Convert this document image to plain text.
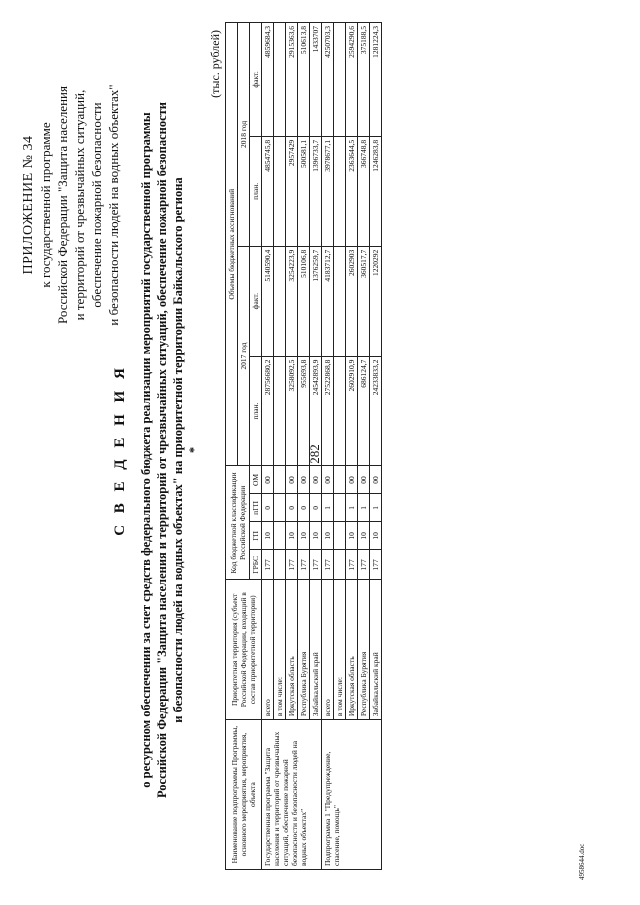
282
4958644.doc
ПРИЛОЖЕНИЕ № 34 к государственной программе Российской Федерации "Защита населения и территорий от чрезвычайных ситуаций, обеспечение пожарной безопасности и безопасности людей на водных объектах"
С В Е Д Е Н И Я о ресурсном обеспечении за счет средств федерального бюджета реализации мероприятий государственной программы Российской Федерации "Защита населения и территорий от чрезвычайных ситуаций, обеспечение пожарной безопасности и безопасности людей на водных объектах" на приоритетной территории Байкальского региона *
(тыс. рублей)
Наименование подпрограммы Программы, основного мероприятия, мероприятия, объекта	Приоритетная территория (субъект Российской Федерации, входящий в состав приоритетной территории)	Код бюджетной классификации Российской Федерации				Объемы бюджетных ассигнований			
						2017 год		2018 год	
		ГРБС	ГП	пГП	ОМ	план.	факт.	план.	факт.
Государственная программа "Защита населения и территорий от чрезвычайных ситуаций, обеспечение пожарной безопасности и безопасности людей на водных объектах"	всего	177	10	0	00	28756680,2	5140590,4	4854745,8	4859684,3
	в том числе:								
	Иркутская область	177	10	0	00	3258092,5	3254223,9	2957429	2915363,6
	Республика Бурятия	177	10	0	00	955693,8	510106,8	500581,1	510613,8
	Забайкальский край	177	10	0	00	24542893,9	1376259,7	1396733,7	1433707
Подпрограмма 1 "Предупреждение, спасение, помощь"	всего	177	10	1	00	27522868,8	4183712,7	3978677,1	4250703,3
	в том числе:								
	Иркутская область	177	10	1	00	2602910,9	2602903	2363644,5	2594290,6
	Республика Бурятия	177	10	1	00	686124,7	360517,7	366748,8	375188,5
	Забайкальский край	177	10	1	00	24233833,2	1220292	1246283,8	1281224,3
